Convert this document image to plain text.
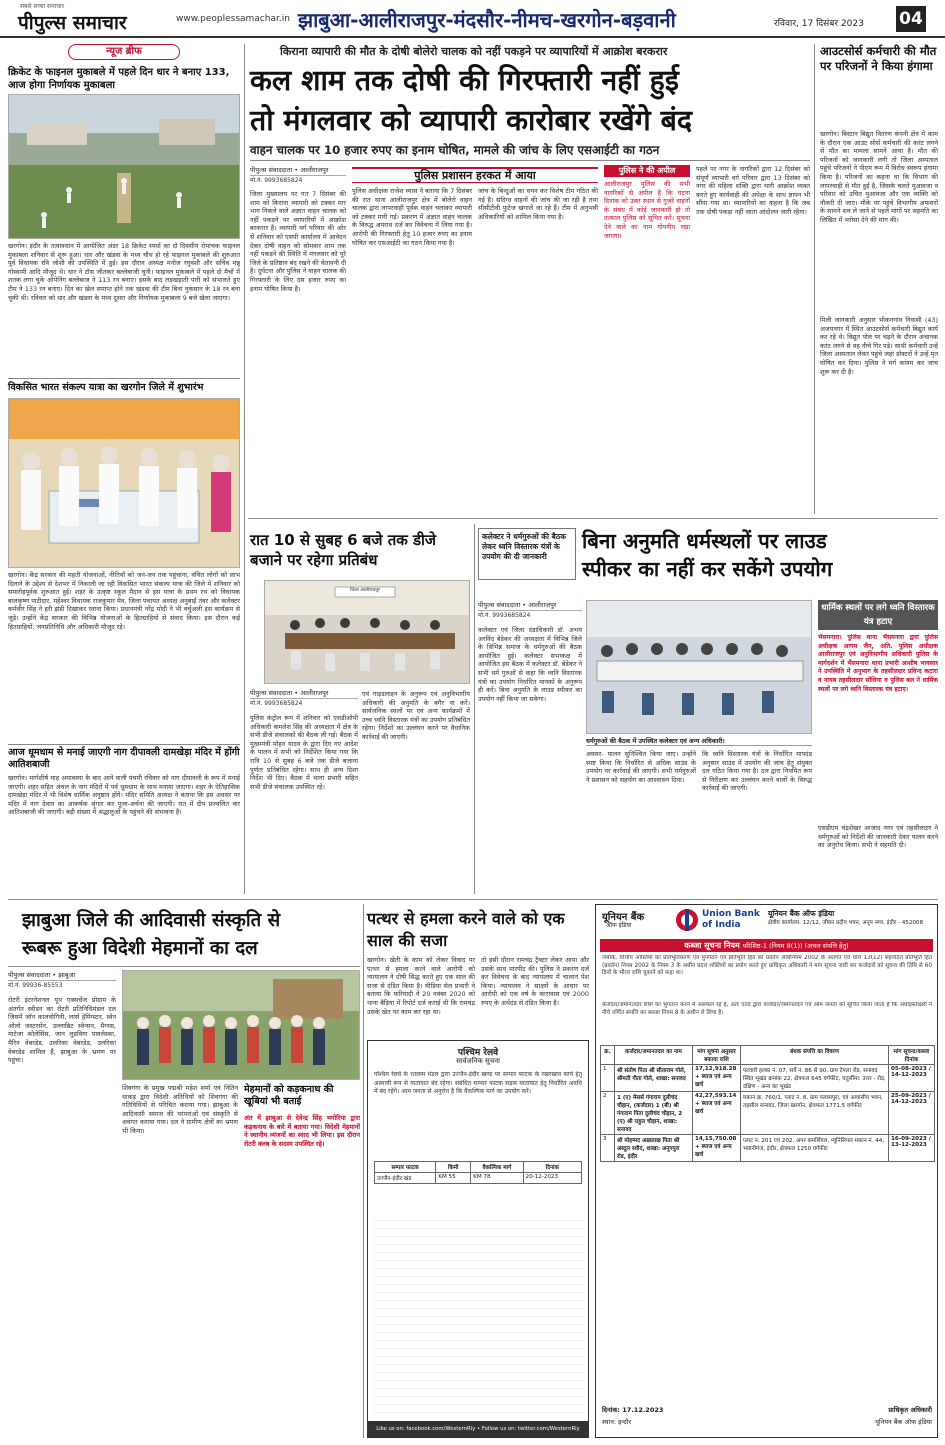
सबसे सच्चा समाचार
पीपुल्स समाचार	www.peoplessamachar.in झाबुआ-आलीराजपुर-मंदसौर-नीमच-खरगोन-बड़वानी	रविवार, 17 दिसंबर 2023 04
न्यूज ब्रीफ
क्रिकेट के फाइनल मुकाबले में पहले दिन धार ने बनाए 133, आज होगा निर्णायक मुकाबला
खरगोन। इंदौर के तत्वावधान में आयोजित अंडर 18 क्रिकेट स्पर्धा का दो दिवसीय रोमांचक फाइनल मुकाबला शनिवार से शुरू हुआ। धार और खंडवा के मध्य चौथ हो रहे फाइनल मुकाबले की शुरुआत पूर्व विधायक रवि जोशी की उपस्थिति में हुई। इस दौरान अध्यक्ष मनोज रघुवंशी और सचिव मन्नू गोस्वामी आदि मौजूद थे। धार ने टॉस जीतकर बल्लेबाजी चुनी। फाइनल मुकाबले में पहले दो मैचों में शतक लगा चुके ओपेनिंग बल्लेबाज ने 113 रन बनाए। इसके बाद लड़खड़ाती पारी को संभालते हुए टीम ने 133 रन बनाए। दिन का खेल समाप्त होने तक खंडवा की टीम बिना नुकसान के 18 रन बना चुकी थी। रविवार को धार और खंडवा के मध्य दूसरा और निर्णायक मुकाबला 9 बजे खेला जाएगा।
विकसित भारत संकल्प यात्रा का खरगोन जिले में शुभारंभ
खरगोन। केंद्र सरकार की महती योजनाओं, नीतियों को जन-जन तक पहुंचाना, वंचित लोगों को लाभ दिलाने के उद्देश्य से देशभर में निकाली जा रही विकसित भारत संकल्प यात्रा की जिले में शनिवार को समारोहपूर्वक शुरुआत हुई। शहर के उत्कृष्ट स्कूल मैदान से इस यात्रा के प्रथम रथ को विधायक बालकृष्ण पाटीदार, महेश्वर विधायक राजकुमार मेव, जिला पंचायत अध्यक्ष अनुबाई तंवर और कलेक्टर कर्मवीर सिंह ने हरी झंडी दिखाकर रवाना किया। प्रधानमंत्री नरेंद्र मोदी ने भी वर्चुअली इस कार्यक्रम से जुड़े। उन्होंने केंद्र सरकार की विभिन्न योजनाओं के हितग्राहियों से संवाद किया। इस दौरान कई हितग्राहियों, जनप्रतिनिधि और अधिकारी मौजूद रहे।
आज धूमधाम से मनाई जाएगी नाग दीपावली दामखेड़ा मंदिर में होंगी आतिशबाजी
खरगोन। मार्गशीर्ष माह अमावस्या के बाद आने वाली पंचमी रविवार को नाग दीपावली के रूप में मनाई जाएगी। शहर सहित अंचल के नाग मंदिरों में पर्व धूमधाम के साथ मनाया जाएगा। शहर के ऐतिहासिक दामखेड़ा मंदिर में भी विशेष धार्मिक अनुष्ठान होंगे। मंदिर समिति अध्यक्ष ने बताया कि इस अवसर पर मंदिर में नाग देवता का आकर्षक श्रृंगार कर पूजा-अर्चना की जाएगी। रात में दीप प्रज्वलित कर आतिशबाजी की जाएगी। बड़ी संख्या में श्रद्धालुओं के पहुंचने की संभावना है।
किराना व्यापारी की मौत के दोषी बोलेरो चालक को नहीं पकड़ने पर व्यापारियों में आक्रोश बरकरार
कल शाम तक दोषी की गिरफ्तारी नहीं हुई
तो मंगलवार को व्यापारी कारोबार रखेंगे बंद
वाहन चालक पर 10 हजार रुपए का इनाम घोषित, मामले की जांच के लिए एसआईटी का गठन
पीपुल्स संवाददाता • आलीराजपुर
मो.नं. 9993685824
जिला मुख्यालय पर गत 7 दिसंबर की शाम को किराना व्यापारी को टक्कर मार भाग निकले वाले अज्ञात वाहन चालक को नहीं पकड़ने पर व्यापारियों में आक्रोश बरकरार है। व्यापारी वर्ग परिवार की ओर से शनिवार को एसपी कार्यालय में आवेदन देकर दोषी वाहन को सोमवार शाम तक नहीं पकड़ने की स्थिति में मंगलवार को पूरे जिले के प्रतिष्ठान बंद रखने की चेतावनी दी है। दुर्घटना और पुलिस ने वाहन चालक की गिरफ्तारी के लिए दस हजार रुपए का इनाम घोषित किया है।
पुलिस प्रशासन हरकत में आया
पुलिस अधीक्षक राजेश व्यास ने बताया कि 7 दिसंबर की रात थाना आलीराजपुर क्षेत्र में बोलेरो वाहन चालक द्वारा लापरवाही पूर्वक वाहन चलाकर व्यापारी को टक्कर मारी गई। प्रकरण में अज्ञात वाहन चालक के विरुद्ध अपराध दर्ज कर विवेचना में लिया गया है। आरोपी की गिरफ्तारी हेतु 10 हजार रुपए का इनाम घोषित कर एसआईटी का गठन किया गया है।
जांच के बिन्दुओं का चयन कर विशेष टीम गठित की गई है। संदिग्ध वाहनों की जांच की जा रही है तथा सीसीटीवी फुटेज खंगाले जा रहे हैं। टीम में अनुभवी अधिकारियों को शामिल किया गया है।
पुलिस ने की अपील
आलीराजपुर पुलिस की सभी नागरिकों से अपील है कि घटना दिनांक को उक्त स्थान से गुजरे वाहनों के संबंध में कोई जानकारी हो तो तत्काल पुलिस को सूचित करें। सूचना देने वाले का नाम गोपनीय रखा जाएगा।
पहले पर नगर के नागरिकों द्वारा 12 दिसंबर को संपूर्ण व्यापारी वर्ग परिवार द्वारा 13 दिसंबर को नगर की महिला शक्ति द्वारा भारी आक्रोश व्यक्त करते हुए कार्यवाही की अपेक्षा के साथ ज्ञापन भी सौंपा गया था। व्यापारियों का कहना है कि जब तक दोषी पकड़ा नहीं जाता आंदोलन जारी रहेगा।
आउटसोर्स कर्मचारी की मौत पर परिजनों ने किया हंगामा
खरगोन। बिस्टान बिद्युत वितरण कंपनी क्षेत्र में काम के दौरान एक आउट सोर्स कर्मचारी की करंट लगने से मौत का मामला सामने आया है। मौत की परिजनों को जानकारी लगी तो जिला अस्पताल पहुंचे परिजनों ने पीएम रूम में विरोध स्वरूप हंगामा किया है। परिजनों का कहना था कि विभाग की लापरवाही से मौत हुई है, जिसके चलते मुआवजा व परिवार को उचित मुआवजा और एक व्यक्ति को नौकरी दी जाए। मौके पर पहुंचे विभागीय अफसरों के सामने शव ले जाने से पहले मांगों पर सहमति का लिखित में भरोसा देने की मांग की।
मिली जानकारी अनुसार भीकनगांव निवासी (43) अजयनगर में स्थित आउटसोर्स कर्मचारी बिद्युत कार्य कर रहे थे। विद्युत पोल पर चढ़ने के दौरान अचानक करंट लगने से वह नीचे गिर पड़े। साथी कर्मचारी उन्हें जिला अस्पताल लेकर पहुंचे जहां डॉक्टरों ने उन्हें मृत घोषित कर दिया। पुलिस ने मर्ग कायम कर जांच शुरू कर दी है।
रात 10 से सुबह 6 बजे तक डीजे बजाने पर रहेगा प्रतिबंध
जिला आलीराजपुर
पीपुल्स संवाददाता • आलीराजपुर
मो.नं. 9993685824
पुलिस कंट्रोल रूम में शनिवार को एसडीओपी अधिकारी कमलेश सिंह की अध्यक्षता में क्षेत्र के सभी डीजे संचालकों की बैठक ली गई। बैठक में मुख्यमंत्री मोहन यादव के द्वारा दिए गए आदेश के पालन में सभी को निर्देशित किया गया कि रात्रि 10 से सुबह 6 बजे तक डीजे बजाना पूर्णतः प्रतिबंधित रहेगा। साथ ही अन्य दिशा निर्देश भी दिए। बैठक में थाना प्रभारी सहित सभी डीजे संचालक उपस्थित रहे।
एवं गाइडलाइन के अनुरूप एवं अनुविभागीय अधिकारी की अनुमति के बगैर ना करें। सार्वजनिक स्थलों पर एवं अन्य कार्यक्रमों में उच्च ध्वनि विस्तारक यंत्रों का उपयोग प्रतिबंधित रहेगा। निर्देशों का उल्लंघन करने पर वैधानिक कार्रवाई की जाएगी।
कलेक्टर ने धर्मगुरुओं की बैठक लेकर ध्वनि विस्तारक यंत्रों के उपयोग की दी जानकारी
बिना अनुमति धर्मस्थलों पर लाउड
स्पीकर का नहीं कर सकेंगे उपयोग
पीपुल्स संवाददाता • आलीराजपुर
मो.नं. 9993685824
कलेक्टर एवं जिला दंडाधिकारी डॉ. अभय अरविंद बेडेकर की अध्यक्षता में विभिन्न जिले के विभिन्न समाज के धर्मगुरुओं की बैठक आयोजित हुई। कलेक्टर सभाकक्ष में आयोजित इस बैठक में कलेक्टर डॉ. बेडेकर ने सभी धर्म गुरुओं से कहा कि ध्वनि विस्तारक यंत्रों का उपयोग निर्धारित मानकों के अनुरूप ही करें। बिना अनुमति के लाउड स्पीकर का उपयोग नहीं किया जा सकेगा।
धर्मगुरुओं की बैठक में उपस्थित कलेक्टर एवं अन्य अधिकारी।
अवसर- पालन सुनिश्चित किया जाए। उन्होंने स्पष्ट किया कि निर्धारित से अधिक साउंड के उपयोग पर कार्रवाई की जाएगी। सभी धर्मगुरुओं ने प्रशासन को सहयोग का आश्वासन दिया।
कि ध्वनि विस्तारक यंत्रों के निर्धारित मापदंड अनुसार साउंड में उपयोग की जांच हेतु संयुक्त दल गठित किया गया है। दल द्वारा नियमित रूप से निरीक्षण कर उल्लंघन करने वालों के विरुद्ध कार्रवाई की जाएगी।
धार्मिक स्थलों पर लगे ध्वनि विस्तारक यंत्र हटाए
भैसमनारा। पुलिस थाना भैंसमनारा द्वारा पुलिस अधीक्षक आगम जैन, अति. पुलिस अधीक्षक आलीराजपुर एवं अनुविभागीय अधिकारी पुलिस के मार्गदर्शन में भैंसमनारा थाना प्रभारी आशीष भावसार ने उपस्थिति में अनुभाग के तहसीलदार प्रविन्द कटारा व नायब तहसीलदार सोंधिया व पुलिस बल ने धार्मिक स्थलों पर लगे ध्वनि विस्तारक यंत्र हटाए।
एसडीएम चंद्रशेखर आजाद नगर एवं तहसीलदार ने धर्मगुरुओं को निर्देशों की जानकारी देकर पालन करने का अनुरोध किया। सभी ने सहमति दी।
झाबुआ जिले की आदिवासी संस्कृति से
रूबरू हुआ विदेशी मेहमानों का दल
पीपुल्स संवाददाता • झाबुआ
मो.नं. 99936-85553
रोटरी इंटरनेशनल यूथ एक्सचेंज प्रोग्राम के अंतर्गत स्वीडन का रोटरी प्रतिनिधिमंडल दल जिसमें जॉन कालवोगिनी, लार्स हेमिंग्स्टन, स्वेन ओलो जस्टरसेन, उल्लाब्रिट स्वेन्सन, मैग्नस, माटेजा कोलेसिंस, जान लुडविगा पावलेस्का, मैरिन वेबरडेड, उलरिका वेबरडेड, उलरिका वेबरडेड शामिल हैं, झाबुआ के भ्रमण पर पहुंचा।
शिवगंगा के प्रमुख पद्मश्री महेश शर्मा एवं नितिन धाकड़ द्वारा विदेशी अतिथियों को शिवगंगा की गतिविधियों से परिचित कराया गया। झाबुआ के आदिवासी समाज की परंपराओं एवं संस्कृति से अवगत कराया गया। दल ने ग्रामीण क्षेत्रों का भ्रमण भी किया।
मेहमानों को कड़कनाथ की खूबियां भी बताई
अंत में झाबुआ से देवेन्द्र सिंह भगोरिया द्वारा कड़कनाथ के बारे में बताया गया। विदेशी मेहमानों ने स्थानीय व्यंजनों का स्वाद भी लिया। इस दौरान रोटरी क्लब के सदस्य उपस्थित रहे।
पत्थर से हमला करने वाले को एक साल की सजा
खरगोन। खेती के काम को लेकर विवाद पर पत्थर से हमला करने वाले आरोपी को न्यायालय ने दोषी सिद्ध करते हुए एक साल की सजा से दंडित किया है। मीडिया सेल प्रभारी ने बताया कि फरियादी ने 20 नवंबर 2020 को थाना बैड़िया में रिपोर्ट दर्ज कराई थी कि रामचंद्र उसके खेत पर काम कर रहा था।
तो इसी दौरान रामचंद्र ट्रैक्टर लेकर आया और उसके साथ मारपीट की। पुलिस ने प्रकरण दर्ज कर विवेचना के बाद न्यायालय में चालान पेश किया। न्यायालय ने साक्ष्यों के आधार पर आरोपी को एक वर्ष के कारावास एवं 2000 रुपए के अर्थदंड से दंडित किया है।
पश्चिम रेलवे
सार्वजनिक सूचना
पश्चिम रेलवे के रतलाम मंडल द्वारा उज्जैन-इंदौर खण्ड पर सम्पार फाटक के रखरखाव कार्य हेतु अस्थायी रूप से यातायात बंद रहेगा। संबंधित सम्पार फाटक सड़क यातायात हेतु निर्धारित अवधि में बंद रहेंगे। आम जनता से अनुरोध है कि वैकल्पिक मार्ग का उपयोग करें।
सम्पार फाटक	किमी	वैकल्पिक मार्ग	दिनांक
उज्जैन-इंदौर खंड	KM 55	KM 78	20-12-2023
Like us on: facebook.com/WesternRly • Follow us on: twitter.com/WesternRly
यूनियन बैंक
ऑफ इंडिया
Union Bank of India
यूनियन बैंक ऑफ इंडिया
क्षेत्रीय कार्यालय: 12/12, जीवन प्रदीप भवन, अनूप नगर, इंदौर - 452008
कब्जा सूचना नियम परिशिष्ट-1 (नियम 8(1)) (अचल संपत्ति हेतु)
जबकि, वित्तीय आस्तियों का प्रतिभूतिकरण एवं पुनर्गठन एवं प्रतिभूति हित का प्रवर्तन अधिनियम 2002 के अंतर्गत एवं धारा 13(12) सहपठित प्रतिभूति हित (प्रवर्तन) नियम 2002 के नियम 3 के अधीन प्रदत्त शक्तियों का प्रयोग करते हुए प्राधिकृत अधिकारी ने मांग सूचना जारी कर कर्जदारों को सूचना की तिथि से 60 दिनों के भीतर राशि चुकाने को कहा था।
कर्जदार/जमानतदार राशि का भुगतान करने में असफल रहे हैं, अतः एतद द्वारा कर्जदार/जमानतदार एवं आम जनता को सूचित किया जाता है कि अधोहस्ताक्षरी ने नीचे वर्णित संपत्ति का कब्जा नियम 8 के अधीन ले लिया है।
क्र.	कर्जदार/जमानतदार का नाम	मांग सूचना अनुसार बकाया राशि	बंधक संपत्ति का विवरण	मांग सूचना/कब्जा दिनांक
1	श्री संतोष पिता श्री सीताराम गोले, श्रीमती गीता गोले, शाखा: सनावद	17,12,918.28 + ब्याज एवं अन्य खर्च	पटवारी हल्का नं. 07, सर्वे नं. 86 से 90, ग्राम टेमला रोड, सनावद स्थित भूखंड क्रमांक 22, क्षेत्रफल 645 वर्गफीट, चतुर्सीमा: उत्तर - रोड, दक्षिण - अन्य का भूखंड	05-08-2023 / 14-12-2023
2	1 (ए) मेसर्स गंगाराम दुलीचंद चौहान, (कर्जदार) 1 (बी) श्री गंगाराम पिता दुलीचंद चौहान, 2 (ए) श्री राहुल चौहान, शाखा: सनावद	42,27,593.14 + ब्याज एवं अन्य खर्च	मकान क्र. 760/1, प्लाट नं. 8, ग्राम पलासपुरा, एवं आवासीय भवन, तहसील सनावद, जिला खरगोन, क्षेत्रफल 1771.5 वर्गफीट	25-09-2023 / 14-12-2023
3	श्री मोहम्मद अख़लाख पिता श्री अब्दुल रशीद, शाखा: अनूपपुरा रोड, इंदौर	14,15,750.08 + ब्याज एवं अन्य खर्च	प्लाट नं. 201 एवं 202, अपर कमर्शियल, म्यूनिसिपल मकान नं. 44, भवानीगंज, इंदौर, क्षेत्रफल 1250 वर्गफीट	16-09-2023 / 13-12-2023
दिनांक: 17.12.2023
स्थान: इन्दौर
प्राधिकृत अधिकारी
यूनियन बैंक ऑफ इंडिया
